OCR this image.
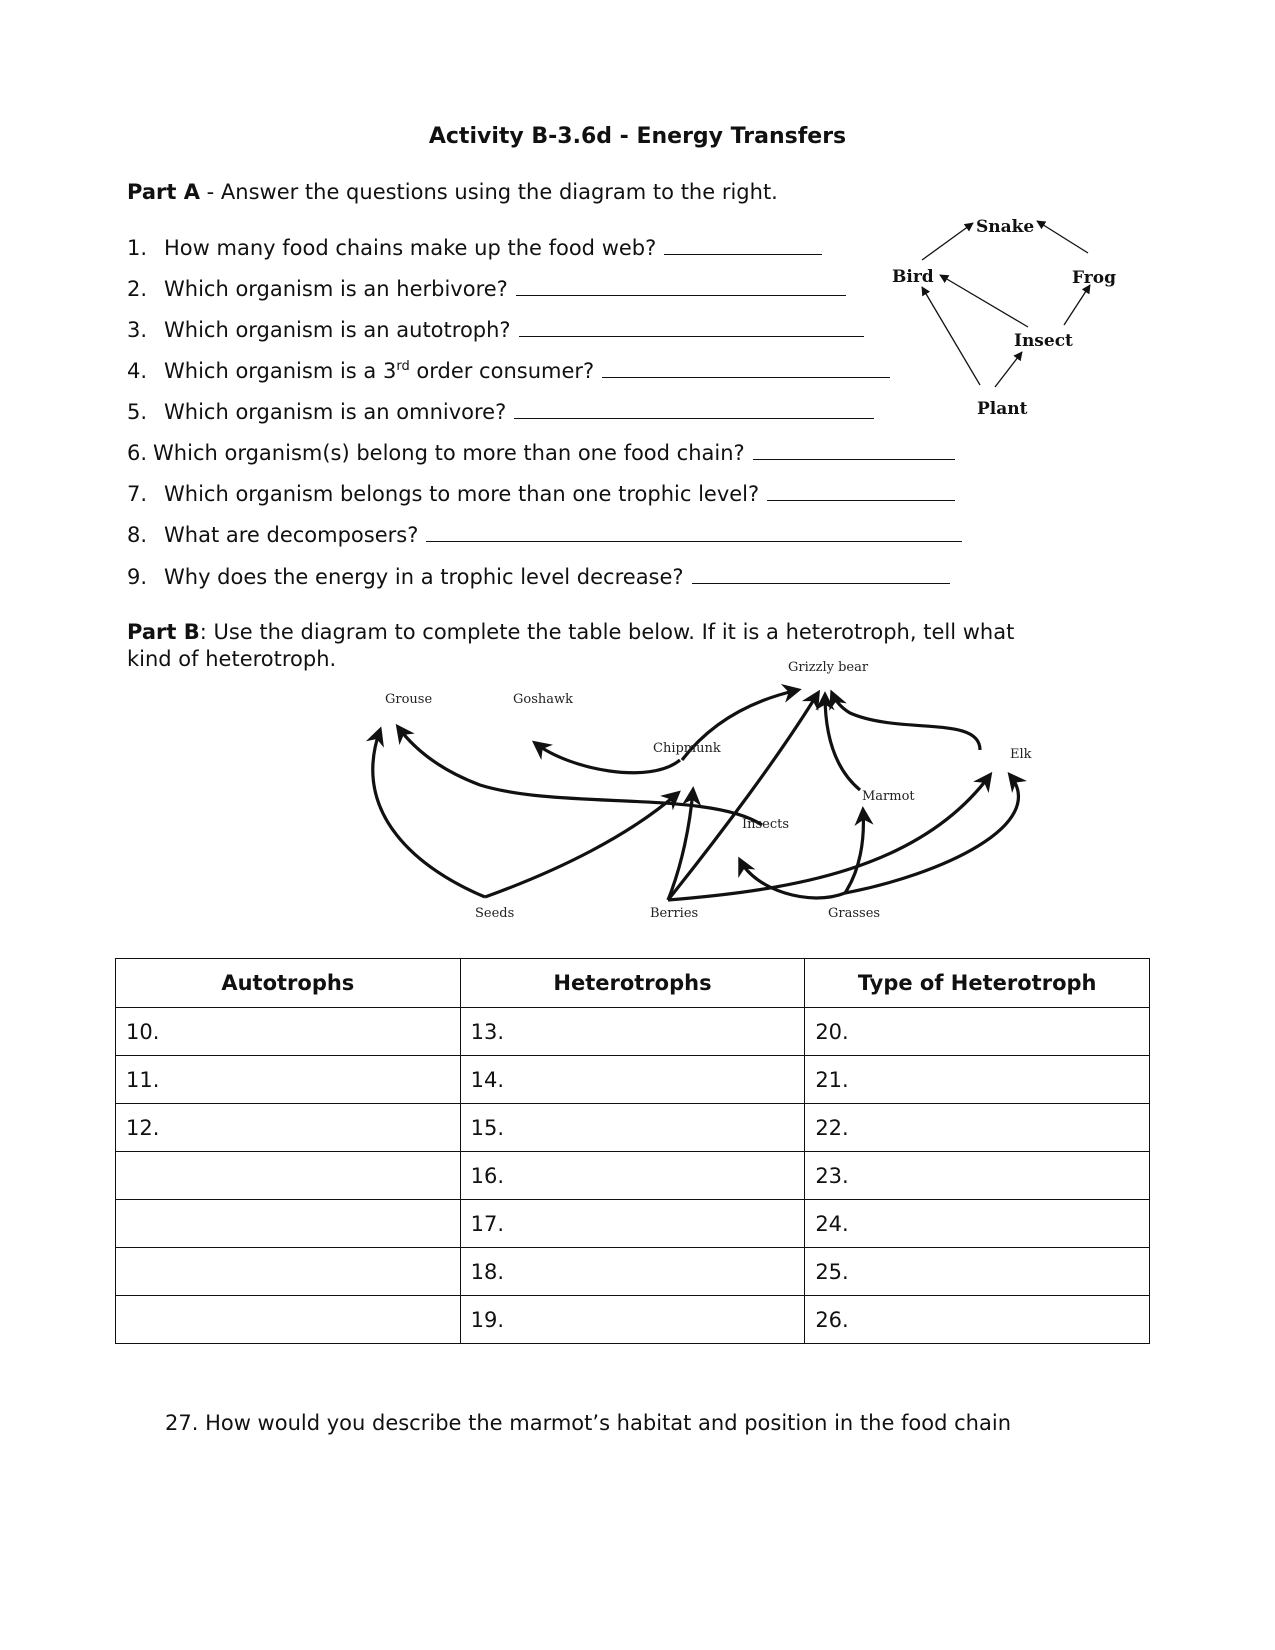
Activity B-3.6d - Energy Transfers
Part A - Answer the questions using the diagram to the right.
1. How many food chains make up the food web?
2. Which organism is an herbivore?
3. Which organism is an autotroph?
4. Which organism is a 3rd order consumer?
5. Which organism is an omnivore?
6. Which organism(s) belong to more than one food chain?
7. Which organism belongs to more than one trophic level?
8. What are decomposers?
9. Why does the energy in a trophic level decrease?
Snake
Bird	Frog
Insect
Plant
Part B: Use the diagram to complete the table below. If it is a heterotroph, tell what
kind of heterotroph.	Grizzly bear
Grouse	Goshawk
Chipmunk	Elk
Marmot
Insects
Seeds	Berries	Grasses
Autotrophs	Heterotrophs	Type of Heterotroph
10.	13.	20.
11.	14.	21.
12.	15.	22.
	16.	23.
	17.	24.
	18.	25.
	19.	26.
27. How would you describe the marmot’s habitat and position in the food chain
